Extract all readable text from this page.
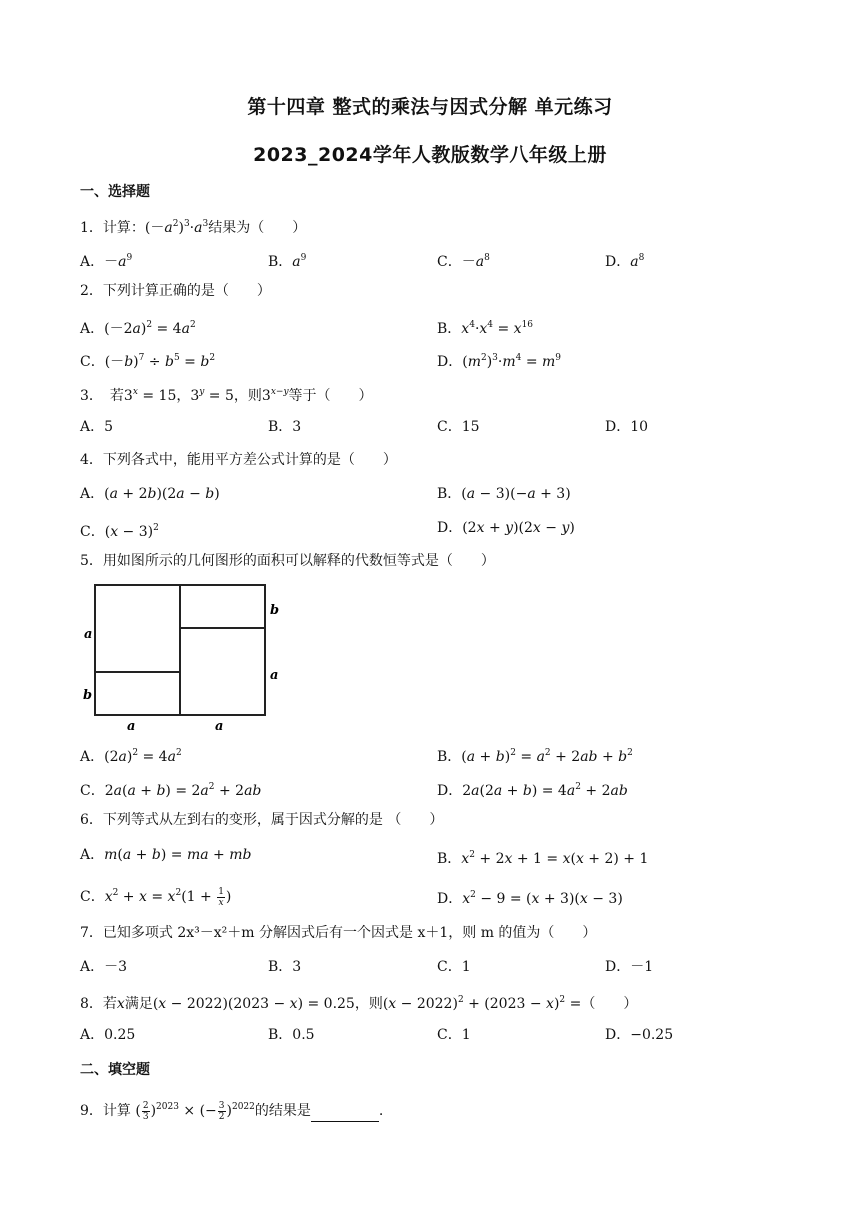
第十四章 整式的乘法与因式分解 单元练习
2023_2024学年人教版数学八年级上册
一、选择题
1．计算：$(-a^2)^3\cdot a^3$结果为（　　）
A．$-a^9$	B．$a^9$	C．$-a^8$	D．$a^8$
2．下列计算正确的是（　　）
A．$(-2a)^2 = 4a^2$	B．$x^4\cdot x^4 = x^{16}$
C．$(-b)^7 \div b^5 = b^2$	D．$(m^2)^3\cdot m^4 = m^9$
3．　若$3^x = 15$，$3^y = 5$，则$3^{x-y}$等于（　　）
A．5	B．3	C．15	D．10
4．下列各式中，能用平方差公式计算的是（　　）
A．(a + 2b)(2a − b)	B．(a − 3)(−a + 3)
C．$(x - 3)^2$	D．(2x + y)(2x − y)
5．用如图所示的几何图形的面积可以解释的代数恒等式是（　　）
a
b
a	a
b
a
A．$(2a)^2 = 4a^2$	B．$(a + b)^2 = a^2 + 2ab + b^2$
C．$2a(a + b) = 2a^2 + 2ab$	D．$2a(2a + b) = 4a^2 + 2ab$
6．下列等式从左到右的变形，属于因式分解的是 （　　）
A．m(a + b) = ma + mb	B．$x^2 + 2x + 1 = x(x + 2) + 1$
C．$x^2 + x = x^2(1 + \frac{1}{x}$ )	D．$x^2 - 9 = (x + 3)(x - 3)$
7．已知多项式 2x³－x²＋m 分解因式后有一个因式是 x＋1，则 m 的值为（　　）
A．－3	B．3	C．1	D．－1
8．若x满足(x − 2022)(2023 − x) = 0.25，则$(x - 2022)^2 + (2023 - x)^2$ =（　　）
A．0.25	B．0.5	C．1	D．−0.25
二、填空题
9．计算 ( $\frac{2}{3} )^{2023}$ × (− $\frac{3}{2} )^{2022}$的结果是	.
